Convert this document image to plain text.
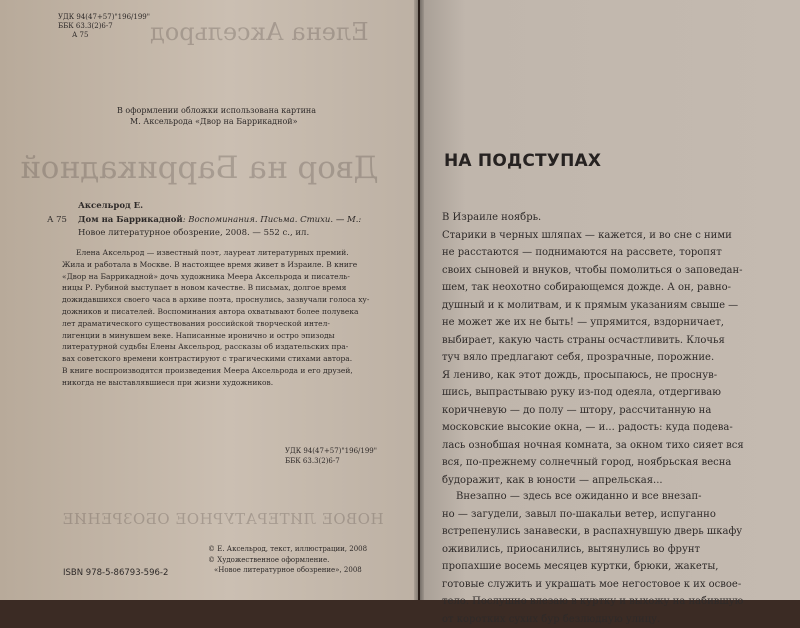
УДК 94(47+57)"196/199"
ББК 63.3(2)6-7
А 75	Елена Аксельрод
Двор на Баррикадной
НОВОЕ ЛИТЕРАТУРНОЕ ОБОЗРЕНИЕ
В оформлении обложки использована картина
М. Аксельрода «Двор на Баррикадной»
А 75
Аксельрод Е.
Дом на Баррикадной: Воспоминания. Письма. Стихи. — М.:
Новое литературное обозрение, 2008. — 552 с., ил.
Елена Аксельрод — известный поэт, лауреат литературных премий.
Жила и работала в Москве. В настоящее время живет в Израиле. В книге
«Двор на Баррикадной» дочь художника Меера Аксельрода и писатель-
ницы Р. Рубиной выступает в новом качестве. В письмах, долгое время
дожидавшихся своего часа в архиве поэта, проснулись, зазвучали голоса ху-
дожников и писателей. Воспоминания автора охватывают более полувека
лет драматического существования российской творческой интел-
лигенции в минувшем веке. Написанные иронично и остро эпизоды
литературной судьбы Елены Аксельрод, рассказы об издательских пра-
вах советского времени контрастируют с трагическими стихами автора.
В книге воспроизводятся произведения Меера Аксельрода и его друзей,
никогда не выставлявшиеся при жизни художников.
УДК 94(47+57)"196/199"
ББК 63.3(2)6-7
© Е. Аксельрод, текст, иллюстрации, 2008
© Художественное оформление.
«Новое литературное обозрение», 2008
ISBN 978-5-86793-596-2
НА ПОДСТУПАХ
В Израиле ноябрь.
Старики в черных шляпах — кажется, и во сне с ними
не расстаются — поднимаются на рассвете, торопят
своих сыновей и внуков, чтобы помолиться о заповедан-
шем, так неохотно собирающемся дожде. А он, равно-
душный и к молитвам, и к прямым указаниям свыше —
не может же их не быть! — упрямится, вздорничает,
выбирает, какую часть страны осчастливить. Клочья
туч вяло предлагают себя, прозрачные, порожние.
Я лениво, как этот дождь, просыпаюсь, не проснув-
шись, выпрастываю руку из-под одеяла, отдергиваю
коричневую — до полу — штору, рассчитанную на
московские высокие окна, — и... радость: куда подева-
лась ознобшая ночная комната, за окном тихо сияет вся
вся, по-прежнему солнечный город, ноябрьская весна
будоражит, как в юности — апрельская...
Внезапно — здесь все ожиданно и все внезап-
но — загудели, завыл по-шакальи ветер, испуганно
встрепенулись занавески, в распахнувшую дверь шкафу
оживились, приосанились, вытянулись во фрунт
пропахшие восемь месяцев куртки, брюки, жакеты,
готовые служить и украшать мое негостовое к их освое-
тело. Послушно влезаю в куртку и выхожу на набившую
от коротких сухих бур безлюдную улицу.
